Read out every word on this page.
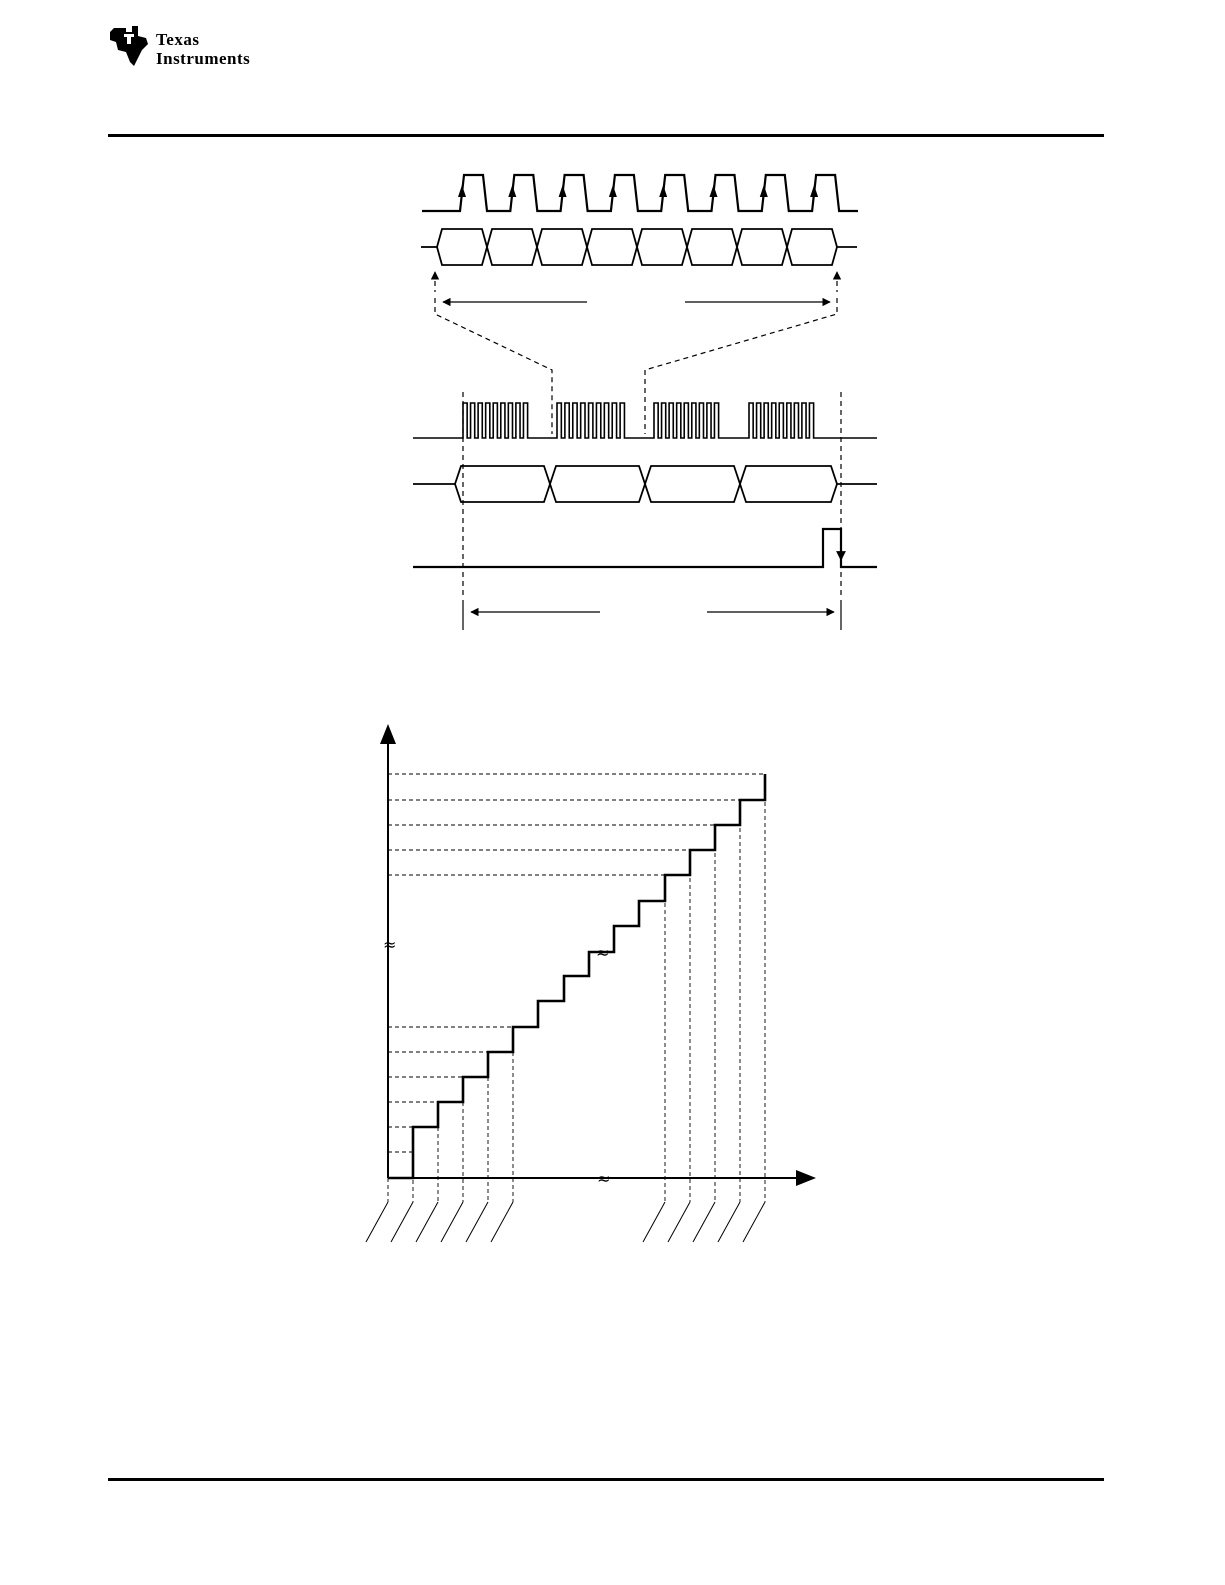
Texas
Instruments
≈	≈
≈
